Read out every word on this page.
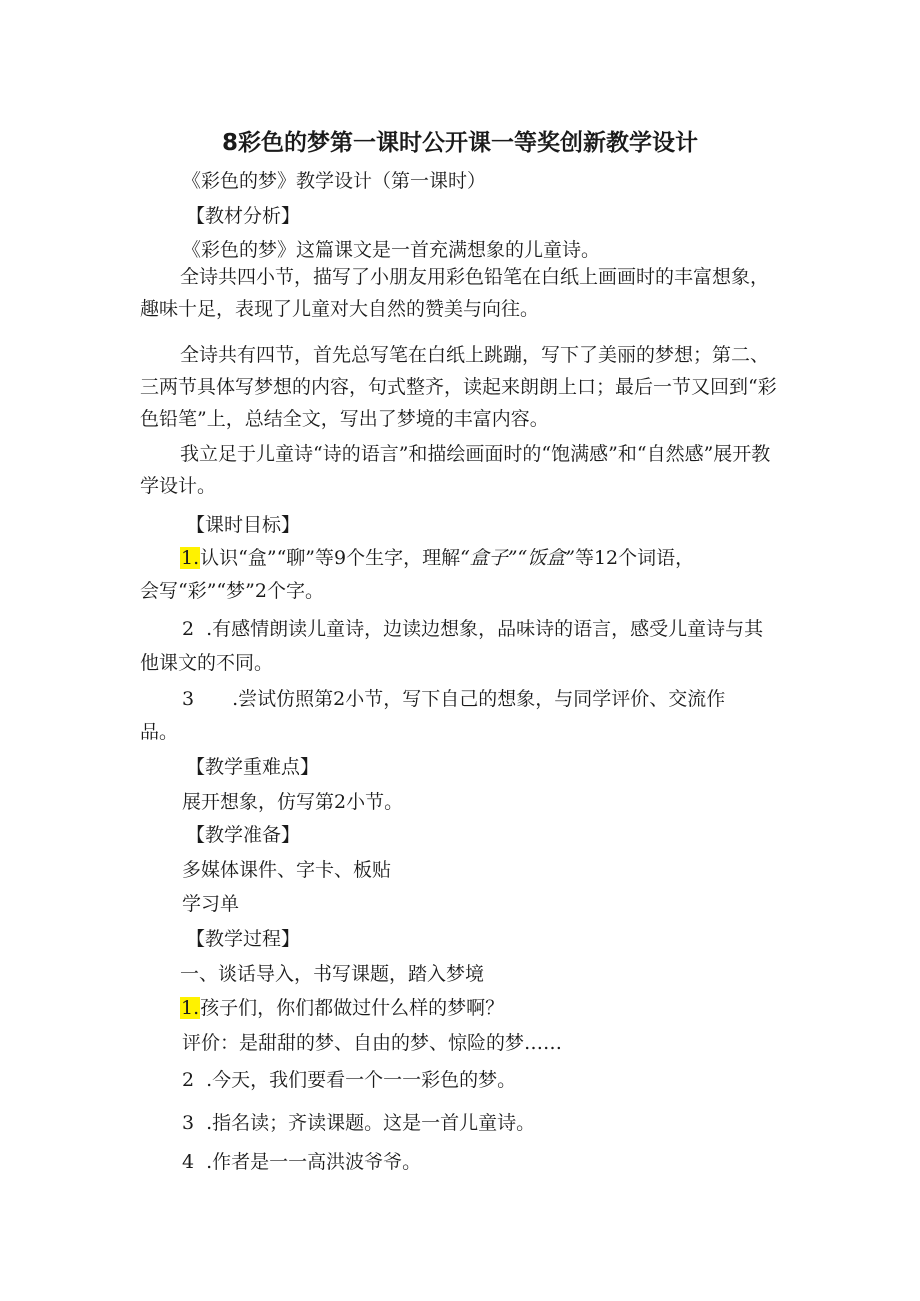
8彩色的梦第一课时公开课一等奖创新教学设计
《彩色的梦》教学设计（第一课时）
【教材分析】
《彩色的梦》这篇课文是一首充满想象的儿童诗。
全诗共四小节，描写了小朋友用彩色铅笔在白纸上画画时的丰富想象，趣味十足，表现了儿童对大自然的赞美与向往。
全诗共有四节，首先总写笔在白纸上跳蹦，写下了美丽的梦想；第二、三两节具体写梦想的内容，句式整齐，读起来朗朗上口；最后一节又回到“彩色铅笔”上，总结全文，写出了梦境的丰富内容。
我立足于儿童诗“诗的语言”和描绘画面时的“饱满感”和“自然感”展开教学设计。
【课时目标】
1.认识“盒”“聊”等9个生字，理解“盒子”“饭盒”等12个词语，
会写“彩”“梦”2个字。
2 .有感情朗读儿童诗，边读边想象，品味诗的语言，感受儿童诗与其
他课文的不同。
3 .尝试仿照第2小节，写下自己的想象，与同学评价、交流作
品。
【教学重难点】
展开想象，仿写第2小节。
【教学准备】
多媒体课件、字卡、板贴
学习单
【教学过程】
一、谈话导入，书写课题，踏入梦境
1.孩子们，你们都做过什么样的梦啊？
评价：是甜甜的梦、自由的梦、惊险的梦……
2 .今天，我们要看一个一一彩色的梦。
3 .指名读；齐读课题。这是一首儿童诗。
4 .作者是一一高洪波爷爷。
